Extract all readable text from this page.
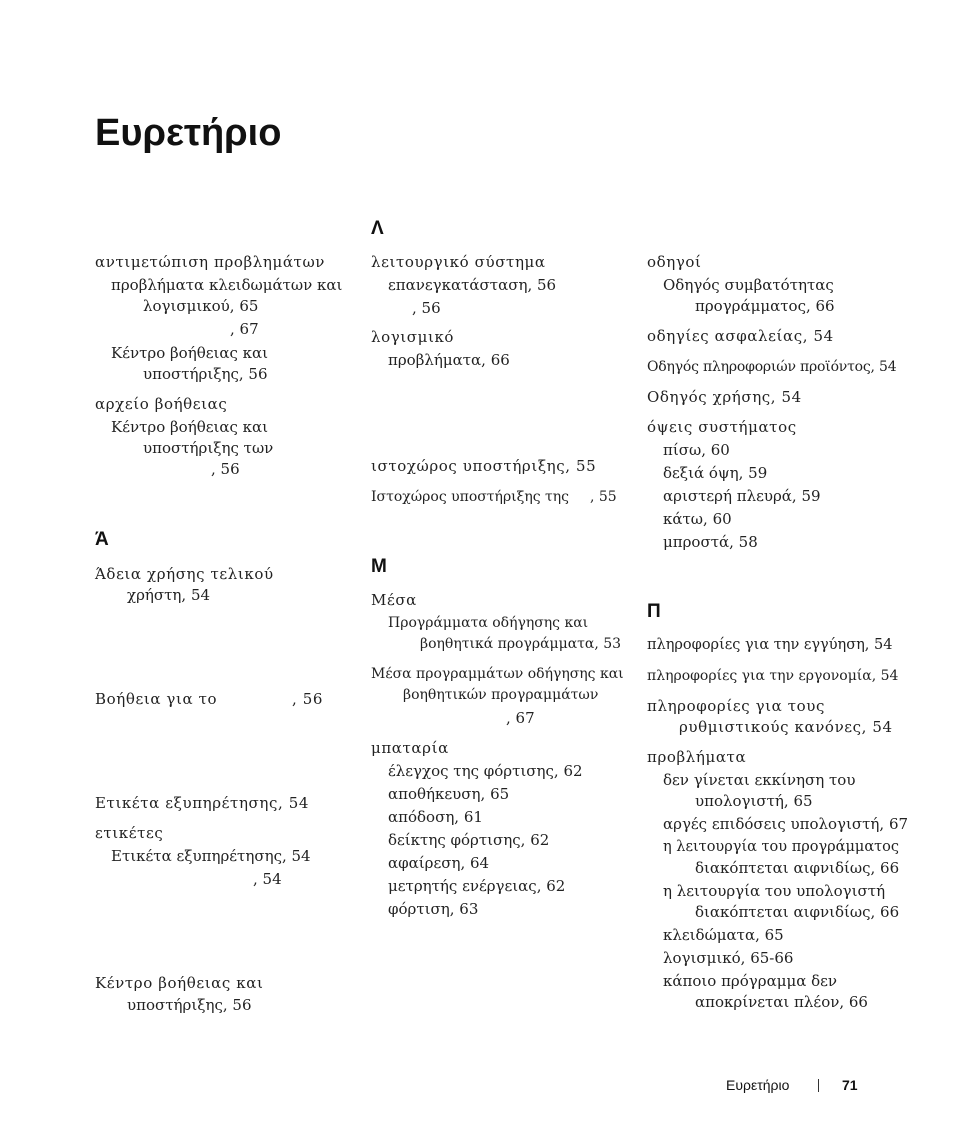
Ευρετήριο
αντιμετώπιση προβλημάτων
προβλήματα κλειδωμάτων και
λογισμικού, 65
, 67
Κέντρο βοήθειας και
υποστήριξης, 56
αρχείο βοήθειας
Κέντρο βοήθειας και
υποστήριξης των
, 56
Ά
Άδεια χρήσης τελικού
χρήστη, 54
Βοήθεια για το	, 56
Ετικέτα εξυπηρέτησης, 54
ετικέτες
Ετικέτα εξυπηρέτησης, 54
, 54
Κέντρο βοήθειας και
υποστήριξης, 56
Λ
λειτουργικό σύστημα
επανεγκατάσταση, 56
, 56
λογισμικό
προβλήματα, 66
ιστοχώρος υποστήριξης, 55
Ιστοχώρος υποστήριξης της , 55
Μ
Μέσα
Προγράμματα οδήγησης και
βοηθητικά προγράμματα, 53
Μέσα προγραμμάτων οδήγησης και
βοηθητικών προγραμμάτων
, 67
μπαταρία
έλεγχος της φόρτισης, 62
αποθήκευση, 65
απόδοση, 61
δείκτης φόρτισης, 62
αφαίρεση, 64
μετρητής ενέργειας, 62
φόρτιση, 63
οδηγοί
Οδηγός συμβατότητας
προγράμματος, 66
οδηγίες ασφαλείας, 54
Οδηγός πληροφοριών προϊόντος, 54
Οδηγός χρήσης, 54
όψεις συστήματος
πίσω, 60
δεξιά όψη, 59
αριστερή πλευρά, 59
κάτω, 60
μπροστά, 58
Π
πληροφορίες για την εγγύηση, 54
πληροφορίες για την εργονομία, 54
πληροφορίες για τους
ρυθμιστικούς κανόνες, 54
προβλήματα
δεν γίνεται εκκίνηση του
υπολογιστή, 65
αργές επιδόσεις υπολογιστή, 67
η λειτουργία του προγράμματος
διακόπτεται αιφνιδίως, 66
η λειτουργία του υπολογιστή
διακόπτεται αιφνιδίως, 66
κλειδώματα, 65
λογισμικό, 65-66
κάποιο πρόγραμμα δεν
αποκρίνεται πλέον, 66
Ευρετήριο	71
